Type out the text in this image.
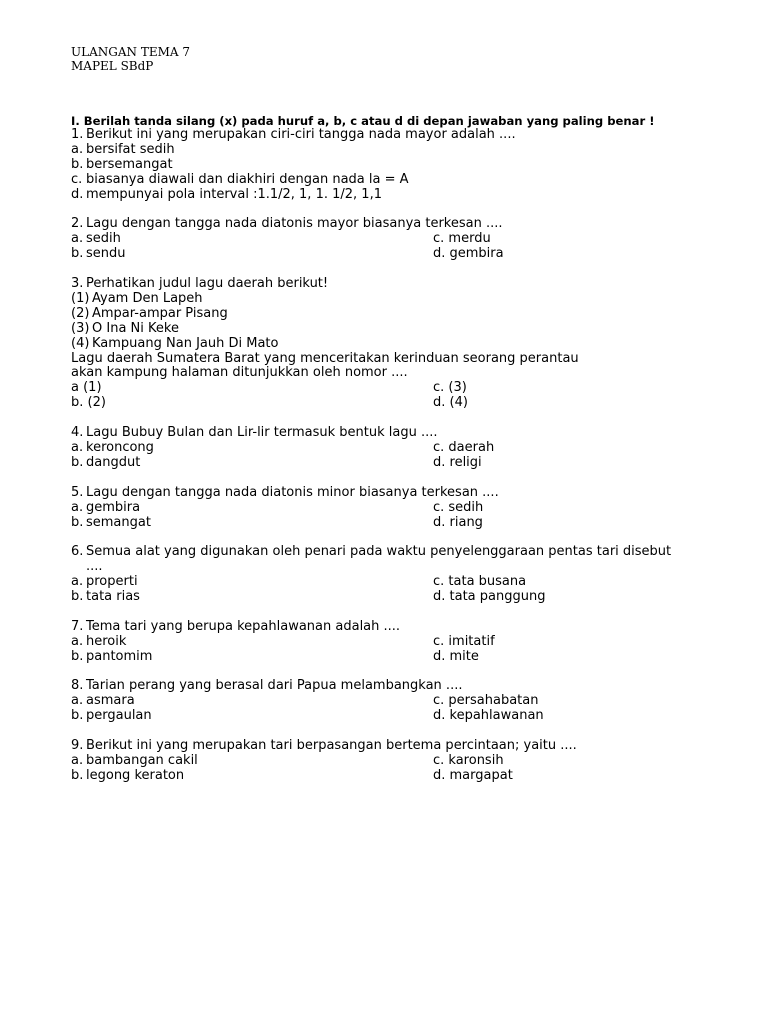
ULANGAN TEMA 7
MAPEL SBdP
I. Berilah tanda silang (x) pada huruf a, b, c atau d di depan jawaban yang paling benar !
1. Berikut ini yang merupakan ciri-ciri tangga nada mayor adalah ....
a. bersifat sedih
b. bersemangat
c. biasanya diawali dan diakhiri dengan nada la = A
d. mempunyai pola interval :1.1/2, 1, 1. 1/2, 1,1
2. Lagu dengan tangga nada diatonis mayor biasanya terkesan ....
a. sedih	c. merdu
b. sendu	d. gembira
3. Perhatikan judul lagu daerah berikut!
(1) Ayam Den Lapeh
(2) Ampar-ampar Pisang
(3) O Ina Ni Keke
(4) Kampuang Nan Jauh Di Mato
Lagu daerah Sumatera Barat yang menceritakan kerinduan seorang perantau
akan kampung halaman ditunjukkan oleh nomor ....
a (1)	c. (3)
b. (2)	d. (4)
4. Lagu Bubuy Bulan dan Lir-lir termasuk bentuk lagu ....
a. keroncong	c. daerah
b. dangdut	d. religi
5. Lagu dengan tangga nada diatonis minor biasanya terkesan ....
a. gembira	c. sedih
b. semangat	d. riang
6. Semua alat yang digunakan oleh penari pada waktu penyelenggaraan pentas tari disebut
....
a. properti	c. tata busana
b. tata rias	d. tata panggung
7. Tema tari yang berupa kepahlawanan adalah ....
a. heroik	c. imitatif
b. pantomim	d. mite
8. Tarian perang yang berasal dari Papua melambangkan ....
a. asmara	c. persahabatan
b. pergaulan	d. kepahlawanan
9. Berikut ini yang merupakan tari berpasangan bertema percintaan; yaitu ....
a. bambangan cakil	c. karonsih
b. legong keraton	d. margapat
